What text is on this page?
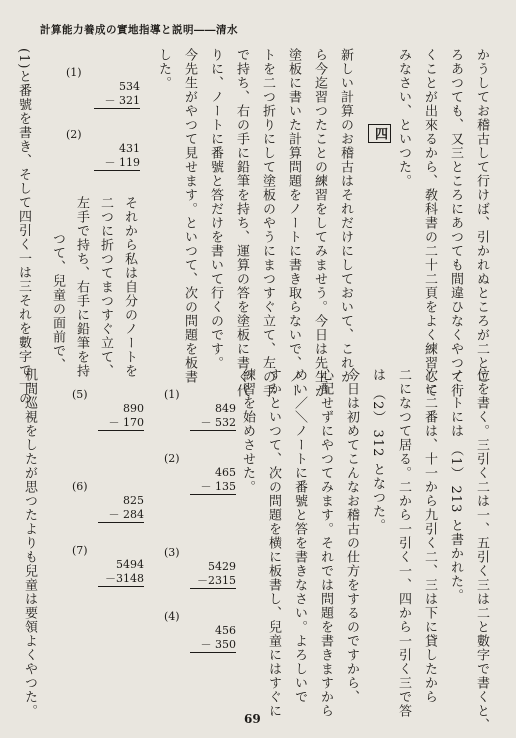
計算能力養成の實地指導と説明――清水
かうしてお稽古して行けば、引かれぬところが二とこ
ろあつても、又三ところにあつても間違ひなくやつて行
くことが出來るから、敎科書の二十二頁をよく練習して
みなさい、といつた。
四
新しい計算のお稽古はそれだけにしておいて、これか
ら今迄習つたことの練習をしてみませう。今日は先生が
塗板に書いた計算問題をノートに書き取らないで、ノー
トを二つ折りにして塗板のやうにまつすぐ立て、左の手
で持ち、右の手に鉛筆を持ち、運算の答を塗板に書く代
りに、ノートに番號と答だけを書いて行くのです。
今先生がやつて見せます。といつて、次の問題を板書
した。
(1)
534
－ 321
(2)
431
－ 119
それから私は自分のノートを
二つに折つてまつすぐ立て、
左手で持ち、右手に鉛筆を持
つて、兒童の面前で、
(1)と番號を書き、そして四引く一は三それを數字で一の
位を書く。三引く二は一、五引く三は二と數字で書くと、
ノートには （1） 213 と書かれた。
次に二番は、十一から九引く二、三は下に貸したから
二になつて居る。二から一引く一、四から一引く三で答
は （2） 312 となつた。
今日は初めてこんなお稽古の仕方をするのですから、
心配せずにやつてみます。それでは問題を書きますから
めい／＼ノートに番號と答を書きなさい。よろしいで
すかといつて、次の問題を横に板書し、兒童にはすぐに
練習を始めさせた。
(1)
849
－ 532
(2)
465
－ 135
(3)
5429
－2315
(4)
456
－ 350
(5)
890
－ 170
(6)
825
－ 284
(7)
5494
－3148
机間巡視をしたが思つたよりも兒童は要領よくやつた。
69
